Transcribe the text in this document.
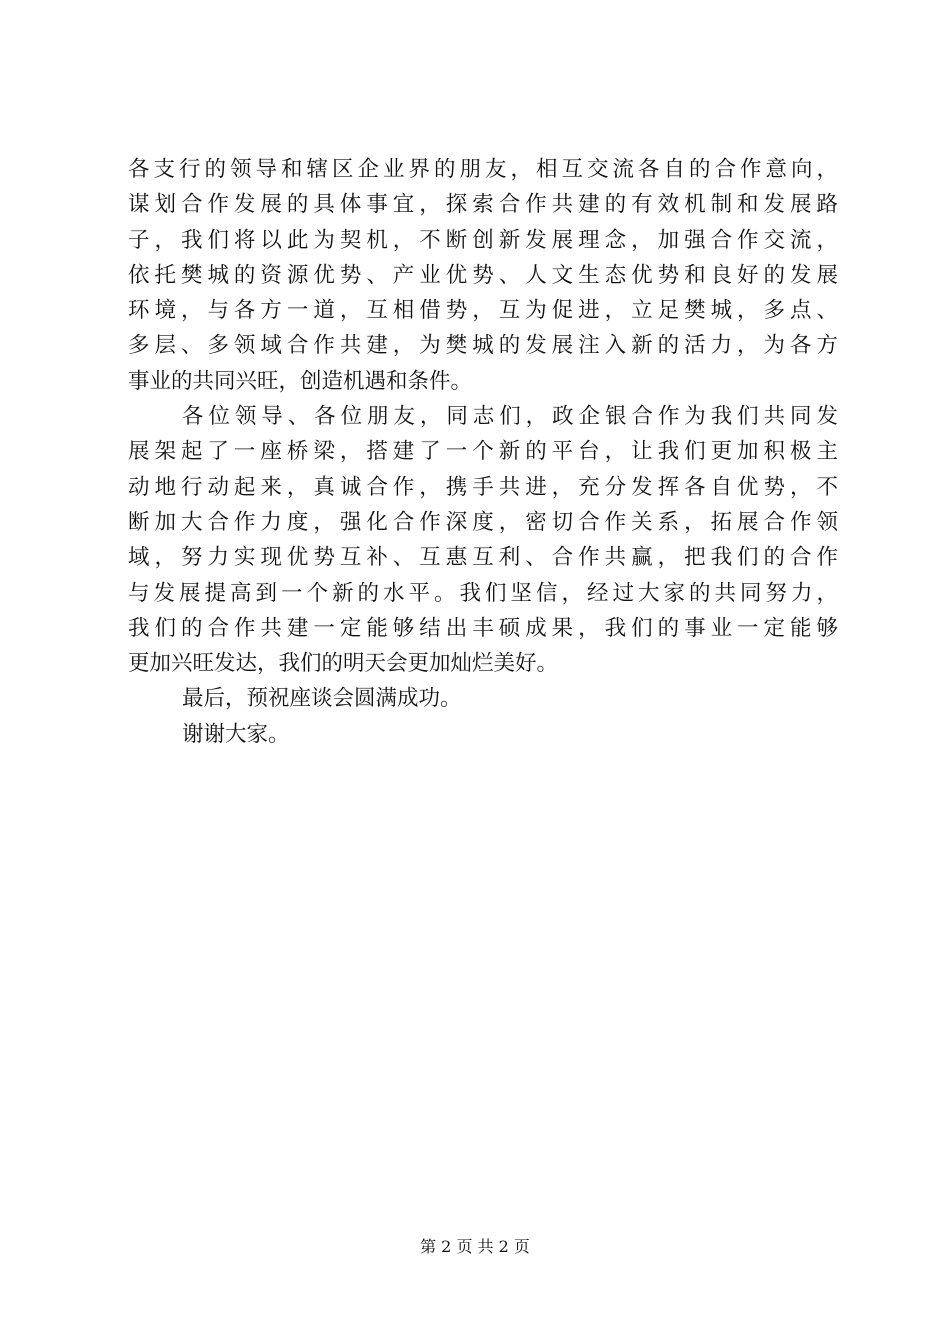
各支行的领导和辖区企业界的朋友，相互交流各自的合作意向，
谋划合作发展的具体事宜，探索合作共建的有效机制和发展路
子，我们将以此为契机，不断创新发展理念，加强合作交流，
依托樊城的资源优势、产业优势、人文生态优势和良好的发展
环境，与各方一道，互相借势，互为促进，立足樊城，多点、
多层、多领域合作共建，为樊城的发展注入新的活力，为各方
事业的共同兴旺，创造机遇和条件。
各位领导、各位朋友，同志们，政企银合作为我们共同发
展架起了一座桥梁，搭建了一个新的平台，让我们更加积极主
动地行动起来，真诚合作，携手共进，充分发挥各自优势，不
断加大合作力度，强化合作深度，密切合作关系，拓展合作领
域，努力实现优势互补、互惠互利、合作共赢，把我们的合作
与发展提高到一个新的水平。我们坚信，经过大家的共同努力，
我们的合作共建一定能够结出丰硕成果，我们的事业一定能够
更加兴旺发达，我们的明天会更加灿烂美好。
最后，预祝座谈会圆满成功。
谢谢大家。
第 2 页 共 2 页
